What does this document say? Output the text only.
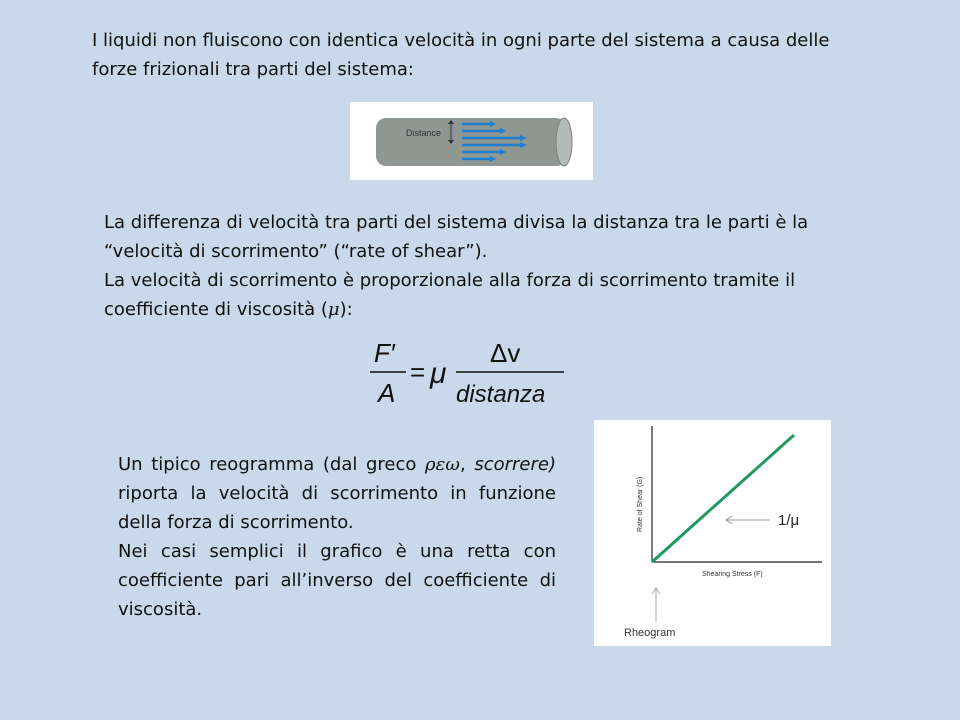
I liquidi non fluiscono con identica velocità in ogni parte del sistema a causa delle forze frizionali tra parti del sistema:

Distance

La differenza di velocità tra parti del sistema divisa la distanza tra le parti è la “velocità di scorrimento” (“rate of shear”).
La velocità di scorrimento è proporzionale alla forza di scorrimento tramite il coefficiente di viscosità (μ):

F′
A
= μ
Δv
distanza
Un tipico reogramma (dal greco ρεω, scorrere) riporta la velocità di scorrimento in funzione della forza di scorrimento.
Nei casi semplici il grafico è una retta con coefficiente pari all’inverso del coefficiente di viscosità.
Rate of Shear (G)
Shearing Stress (F)
1/μ
Rheogram
